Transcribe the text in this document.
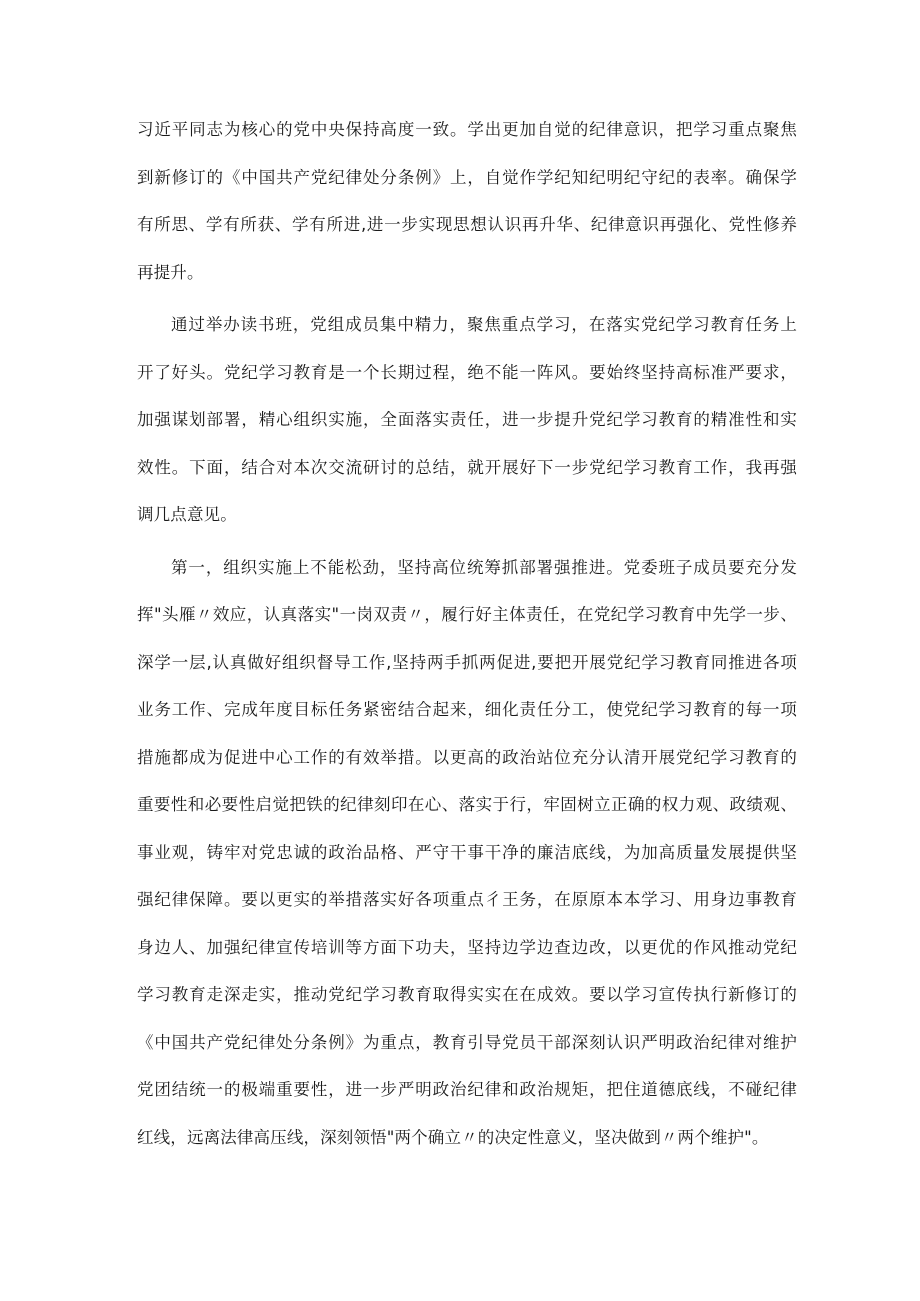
习近平同志为核心的党中央保持高度一致。学出更加自觉的纪律意识，把学习重点聚焦
到新修订的《中国共产党纪律处分条例》上，自觉作学纪知纪明纪守纪的表率。确保学
有所思、学有所获、学有所进,进一步实现思想认识再升华、纪律意识再强化、党性修养
再提升。
通过举办读书班，党组成员集中精力，聚焦重点学习，在落实党纪学习教育任务上
开了好头。党纪学习教育是一个长期过程，绝不能一阵风。要始终坚持高标准严要求，
加强谋划部署，精心组织实施，全面落实责任，进一步提升党纪学习教育的精准性和实
效性。下面，结合对本次交流研讨的总结，就开展好下一步党纪学习教育工作，我再强
调几点意见。
第一，组织实施上不能松劲，坚持高位统筹抓部署强推进。党委班子成员要充分发
挥"头雁〃效应，认真落实"一岗双责〃，履行好主体责任，在党纪学习教育中先学一步、
深学一层,认真做好组织督导工作,坚持两手抓两促进,要把开展党纪学习教育同推进各项
业务工作、完成年度目标任务紧密结合起来，细化责任分工，使党纪学习教育的每一项
措施都成为促进中心工作的有效举措。以更高的政治站位充分认清开展党纪学习教育的
重要性和必要性启觉把铁的纪律刻印在心、落实于行，牢固树立正确的权力观、政绩观、
事业观，铸牢对党忠诚的政治品格、严守干事干净的廉洁底线，为加高质量发展提供坚
强纪律保障。要以更实的举措落实好各项重点彳王务，在原原本本学习、用身边事教育
身边人、加强纪律宣传培训等方面下功夫，坚持边学边查边改，以更优的作风推动党纪
学习教育走深走实，推动党纪学习教育取得实实在在成效。要以学习宣传执行新修订的
《中国共产党纪律处分条例》为重点，教育引导党员干部深刻认识严明政治纪律对维护
党团结统一的极端重要性，进一步严明政治纪律和政治规矩，把住道德底线，不碰纪律
红线，远离法律高压线，深刻领悟"两个确立〃的决定性意义，坚决做到〃两个维护"。
